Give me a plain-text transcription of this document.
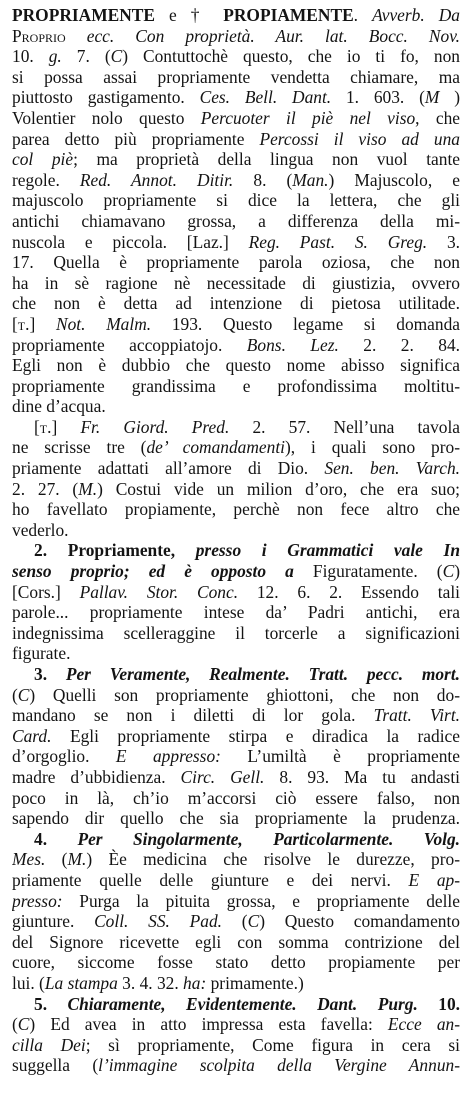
PROPRIAMENTE e † PROPIAMENTE. Avverb. Da
Proprio ecc. Con proprietà. Aur. lat. Bocc. Nov.
10. g. 7. (C) Contuttochè questo, che io ti fo, non
si possa assai propriamente vendetta chiamare, ma
piuttosto gastigamento. Ces. Bell. Dant. 1. 603. (M )
Volentier nolo questo Percuoter il piè nel viso, che
parea detto più propriamente Percossi il viso ad una
col piè; ma proprietà della lingua non vuol tante
regole. Red. Annot. Ditir. 8. (Man.) Majuscolo, e
majuscolo propriamente si dice la lettera, che gli
antichi chiamavano grossa, a differenza della mi-
nuscola e piccola. [Laz.] Reg. Past. S. Greg. 3.
17. Quella è propriamente parola oziosa, che non
ha in sè ragione nè necessitade di giustizia, ovvero
che non è detta ad intenzione di pietosa utilitade.
[t.] Not. Malm. 193. Questo legame si domanda
propriamente accoppiatojo. Bons. Lez. 2. 2. 84.
Egli non è dubbio che questo nome abisso significa
propriamente grandissima e profondissima moltitu-
dine d’acqua.
[t.] Fr. Giord. Pred. 2. 57. Nell’una tavola
ne scrisse tre (de’ comandamenti), i quali sono pro-
priamente adattati all’amore di Dio. Sen. ben. Varch.
2. 27. (M.) Costui vide un milion d’oro, che era suo;
ho favellato propiamente, perchè non fece altro che
vederlo.
2. Propriamente, presso i Grammatici vale In
senso proprio; ed è opposto a Figuratamente. (C)
[Cors.] Pallav. Stor. Conc. 12. 6. 2. Essendo tali
parole... propriamente intese da’ Padri antichi, era
indegnissima scelleraggine il torcerle a significazioni
figurate.
3. Per Veramente, Realmente. Tratt. pecc. mort.
(C) Quelli son propriamente ghiottoni, che non do-
mandano se non i diletti di lor gola. Tratt. Virt.
Card. Egli propriamente stirpa e diradica la radice
d’orgoglio. E appresso: L’umiltà è propriamente
madre d’ubbidienza. Circ. Gell. 8. 93. Ma tu andasti
poco in là, ch’io m’accorsi ciò essere falso, non
sapendo dir quello che sia propriamente la prudenza.
4. Per Singolarmente, Particolarmente. Volg.
Mes. (M.) Èe medicina che risolve le durezze, pro-
priamente quelle delle giunture e dei nervi. E ap-
presso: Purga la pituita grossa, e propriamente delle
giunture. Coll. SS. Pad. (C) Questo comandamento
del Signore ricevette egli con somma contrizione del
cuore, siccome fosse stato detto propiamente per
lui. (La stampa 3. 4. 32. ha: primamente.)
5. Chiaramente, Evidentemente. Dant. Purg. 10.
(C) Ed avea in atto impressa esta favella: Ecce an-
cilla Dei; sì propriamente, Come figura in cera si
suggella (l’immagine scolpita della Vergine Annun-
